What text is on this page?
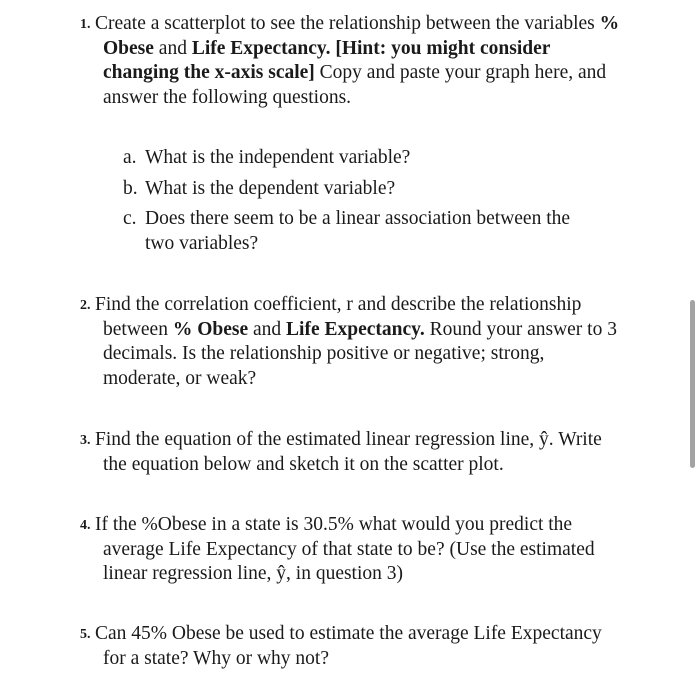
1. Create a scatterplot to see the relationship between the variables % Obese and Life Expectancy. [Hint: you might consider changing the x-axis scale] Copy and paste your graph here, and answer the following questions.
a. What is the independent variable?
b. What is the dependent variable?
c. Does there seem to be a linear association between the
two variables?
2. Find the correlation coefficient, r and describe the relationship between % Obese and Life Expectancy. Round your answer to 3 decimals. Is the relationship positive or negative; strong, moderate, or weak?
3. Find the equation of the estimated linear regression line, ŷ. Write the equation below and sketch it on the scatter plot.
4. If the %Obese in a state is 30.5% what would you predict the average Life Expectancy of that state to be? (Use the estimated linear regression line, ŷ, in question 3)
5. Can 45% Obese be used to estimate the average Life Expectancy for a state? Why or why not?
